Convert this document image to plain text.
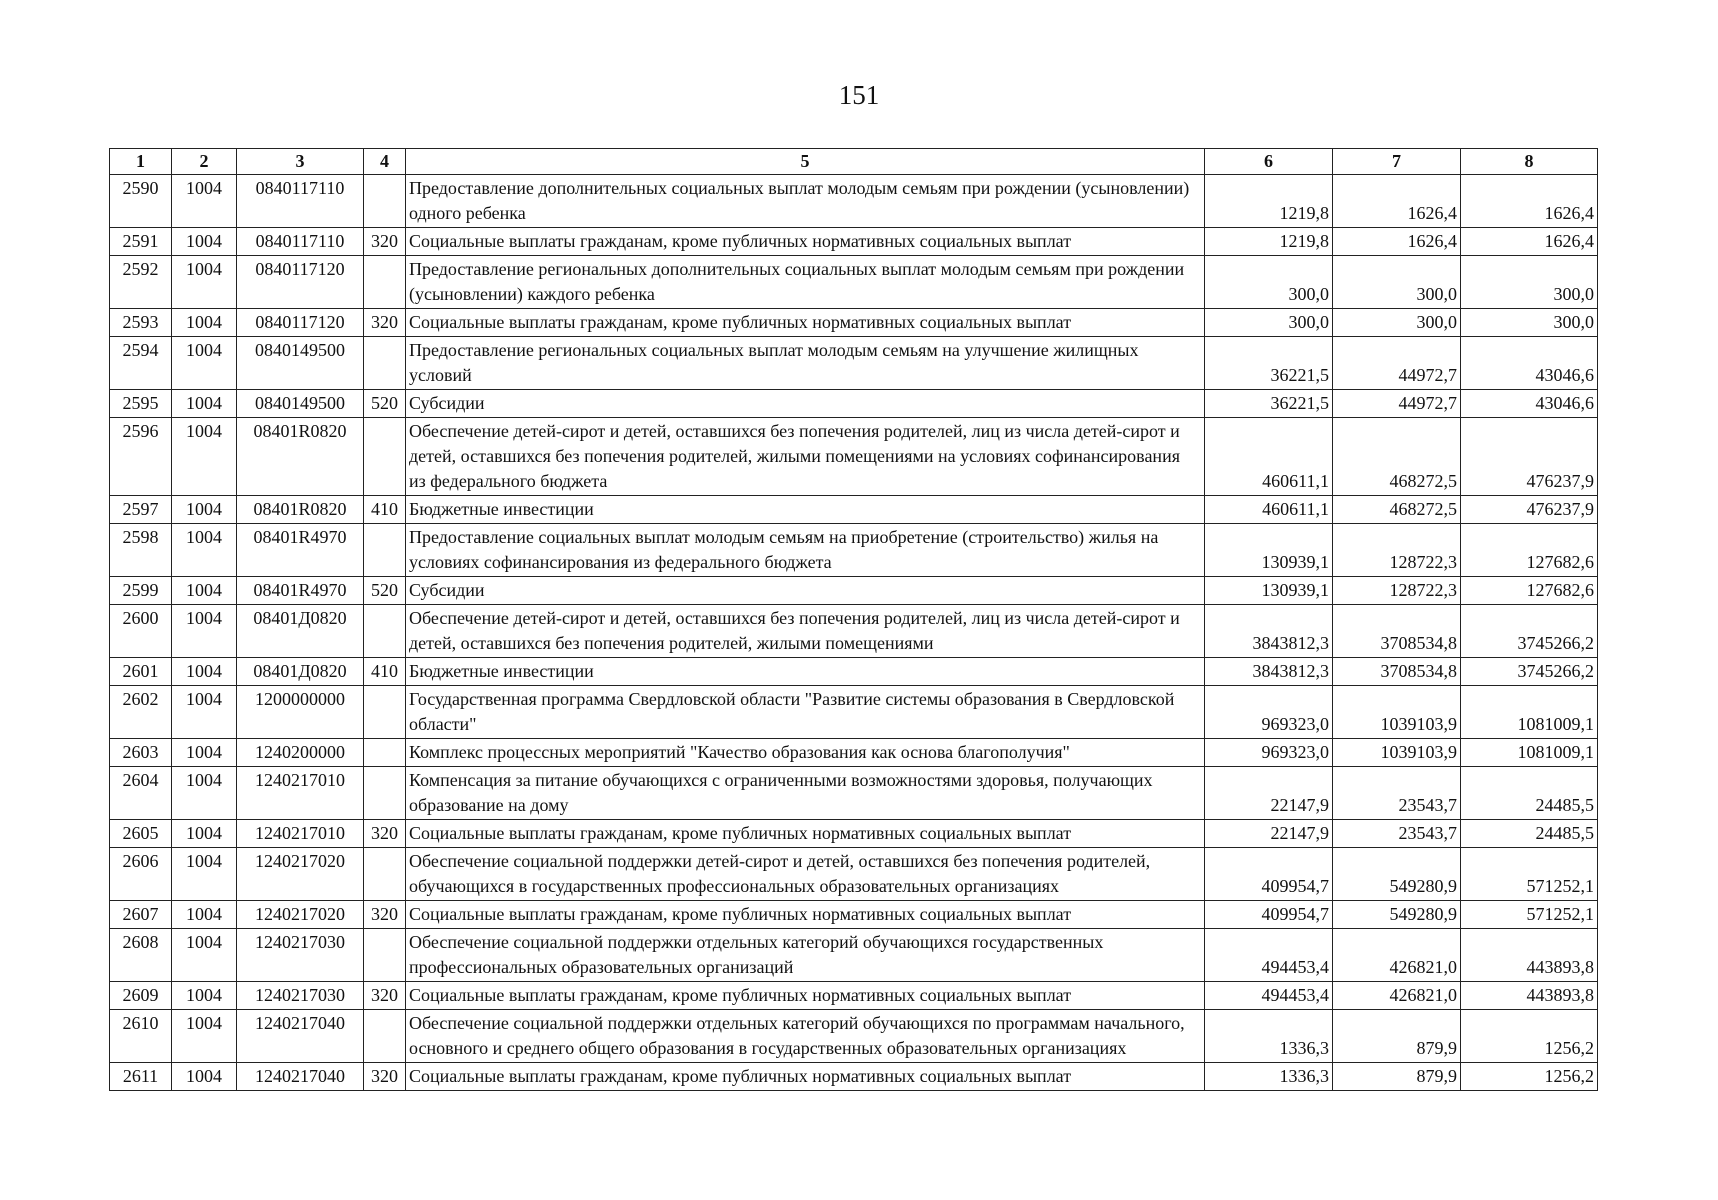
151
1	2	3	4	5	6	7	8
2590	1004	0840117110		Предоставление дополнительных социальных выплат молодым семьям при рождении (усыновлении) одного ребенка	1219,8	1626,4	1626,4
2591	1004	0840117110	320	Социальные выплаты гражданам, кроме публичных нормативных социальных выплат	1219,8	1626,4	1626,4
2592	1004	0840117120		Предоставление региональных дополнительных социальных выплат молодым семьям при рождении (усыновлении) каждого ребенка	300,0	300,0	300,0
2593	1004	0840117120	320	Социальные выплаты гражданам, кроме публичных нормативных социальных выплат	300,0	300,0	300,0
2594	1004	0840149500		Предоставление региональных социальных выплат молодым семьям на улучшение жилищных условий	36221,5	44972,7	43046,6
2595	1004	0840149500	520	Субсидии	36221,5	44972,7	43046,6
2596	1004	08401R0820		Обеспечение детей-сирот и детей, оставшихся без попечения родителей, лиц из числа детей-сирот и детей, оставшихся без попечения родителей, жилыми помещениями на условиях софинансирования из федерального бюджета	460611,1	468272,5	476237,9
2597	1004	08401R0820	410	Бюджетные инвестиции	460611,1	468272,5	476237,9
2598	1004	08401R4970		Предоставление социальных выплат молодым семьям на приобретение (строительство) жилья на условиях софинансирования из федерального бюджета	130939,1	128722,3	127682,6
2599	1004	08401R4970	520	Субсидии	130939,1	128722,3	127682,6
2600	1004	08401Д0820		Обеспечение детей-сирот и детей, оставшихся без попечения родителей, лиц из числа детей-сирот и детей, оставшихся без попечения родителей, жилыми помещениями	3843812,3	3708534,8	3745266,2
2601	1004	08401Д0820	410	Бюджетные инвестиции	3843812,3	3708534,8	3745266,2
2602	1004	1200000000		Государственная программа Свердловской области "Развитие системы образования в Свердловской области"	969323,0	1039103,9	1081009,1
2603	1004	1240200000		Комплекс процессных мероприятий "Качество образования как основа благополучия"	969323,0	1039103,9	1081009,1
2604	1004	1240217010		Компенсация за питание обучающихся с ограниченными возможностями здоровья, получающих образование на дому	22147,9	23543,7	24485,5
2605	1004	1240217010	320	Социальные выплаты гражданам, кроме публичных нормативных социальных выплат	22147,9	23543,7	24485,5
2606	1004	1240217020		Обеспечение социальной поддержки детей-сирот и детей, оставшихся без попечения родителей, обучающихся в государственных профессиональных образовательных организациях	409954,7	549280,9	571252,1
2607	1004	1240217020	320	Социальные выплаты гражданам, кроме публичных нормативных социальных выплат	409954,7	549280,9	571252,1
2608	1004	1240217030		Обеспечение социальной поддержки отдельных категорий обучающихся государственных профессиональных образовательных организаций	494453,4	426821,0	443893,8
2609	1004	1240217030	320	Социальные выплаты гражданам, кроме публичных нормативных социальных выплат	494453,4	426821,0	443893,8
2610	1004	1240217040		Обеспечение социальной поддержки отдельных категорий обучающихся по программам начального, основного и среднего общего образования в государственных образовательных организациях	1336,3	879,9	1256,2
2611	1004	1240217040	320	Социальные выплаты гражданам, кроме публичных нормативных социальных выплат	1336,3	879,9	1256,2
